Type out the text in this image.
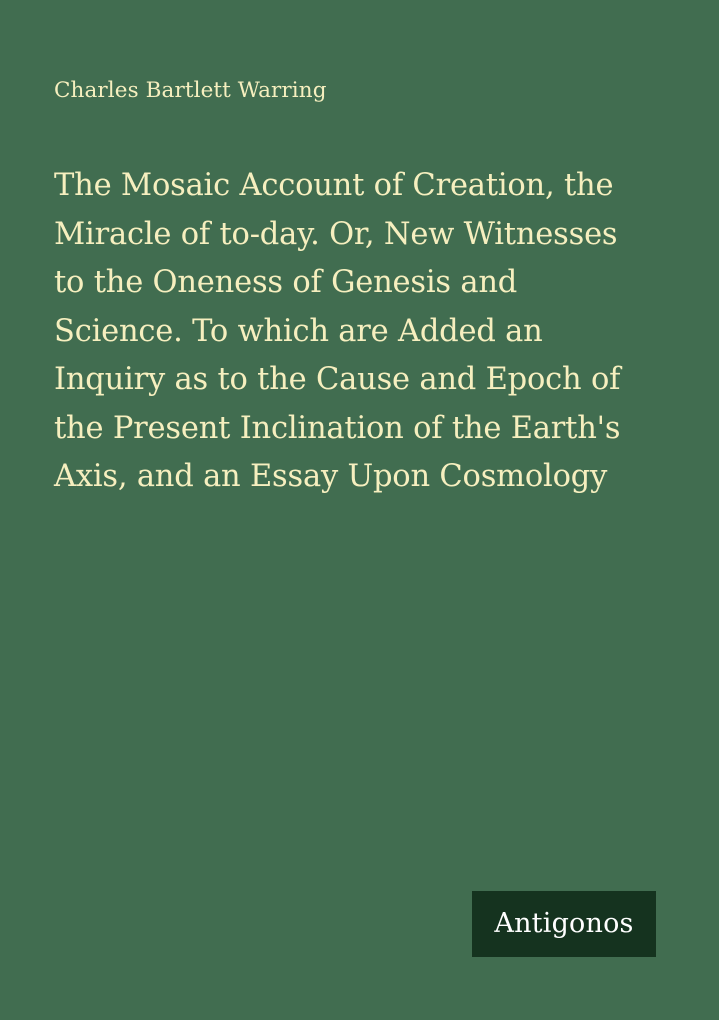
Charles Bartlett Warring
The Mosaic Account of Creation, the
Miracle of to-day. Or, New Witnesses
to the Oneness of Genesis and
Science. To which are Added an
Inquiry as to the Cause and Epoch of
the Present Inclination of the Earth's
Axis, and an Essay Upon Cosmology
Antigonos
